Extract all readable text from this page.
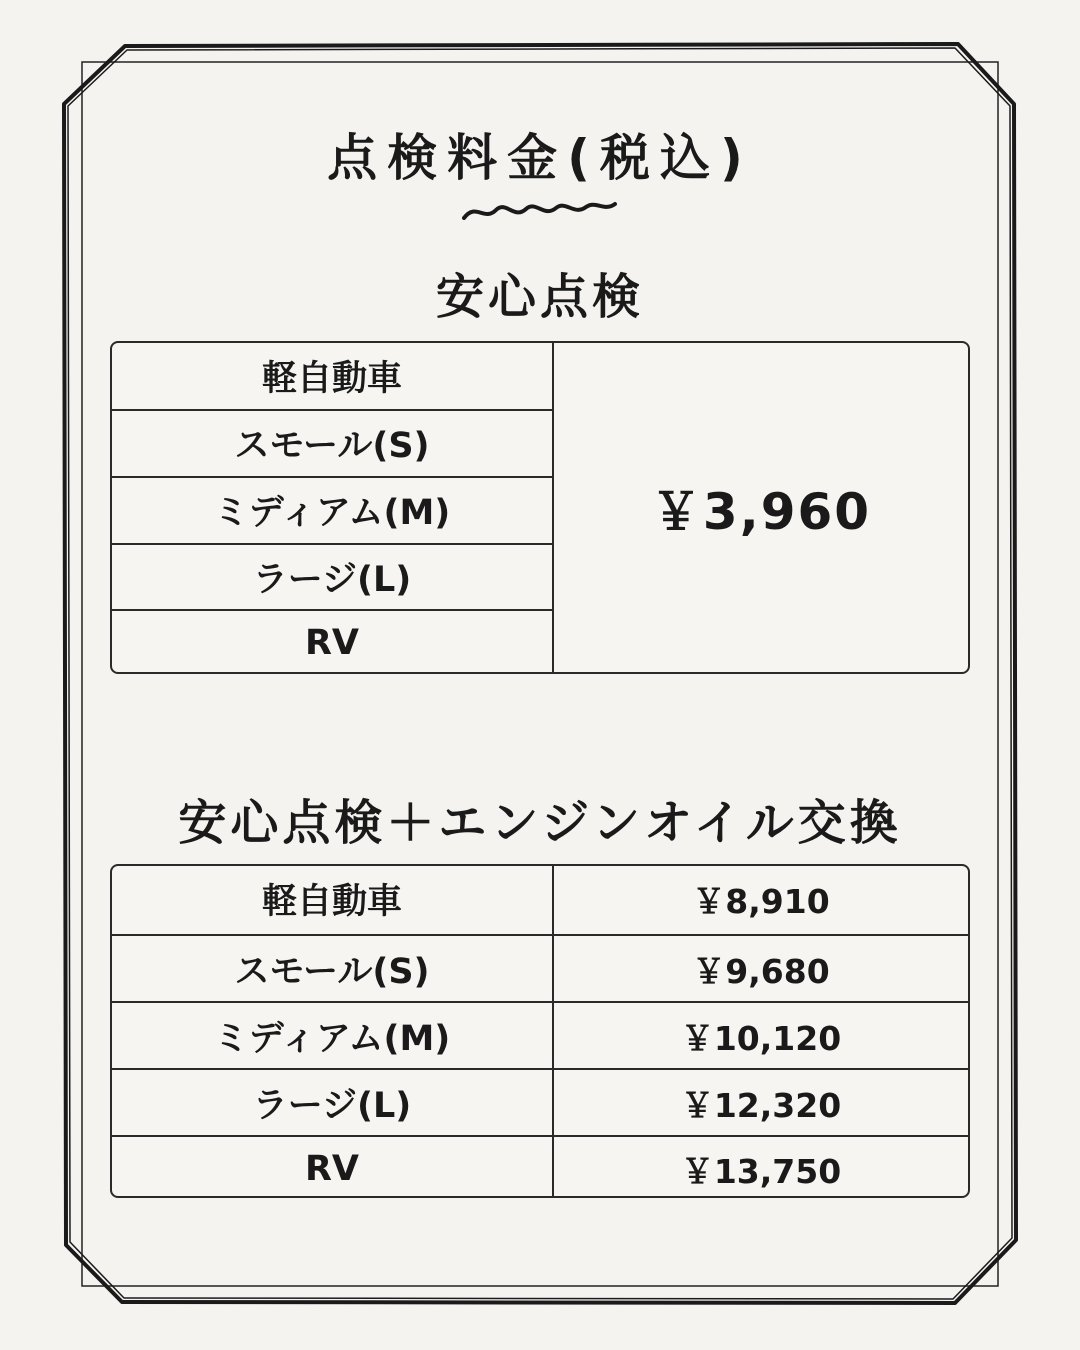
点検料金(税込)
安心点検
軽自動車
スモール(S)
ミディアム(M)
ラージ(L)
RV
￥3,960
安心点検＋エンジンオイル交換
軽自動車	￥8,910
スモール(S)	￥9,680
ミディアム(M)	￥10,120
ラージ(L)	￥12,320
RV	￥13,750
